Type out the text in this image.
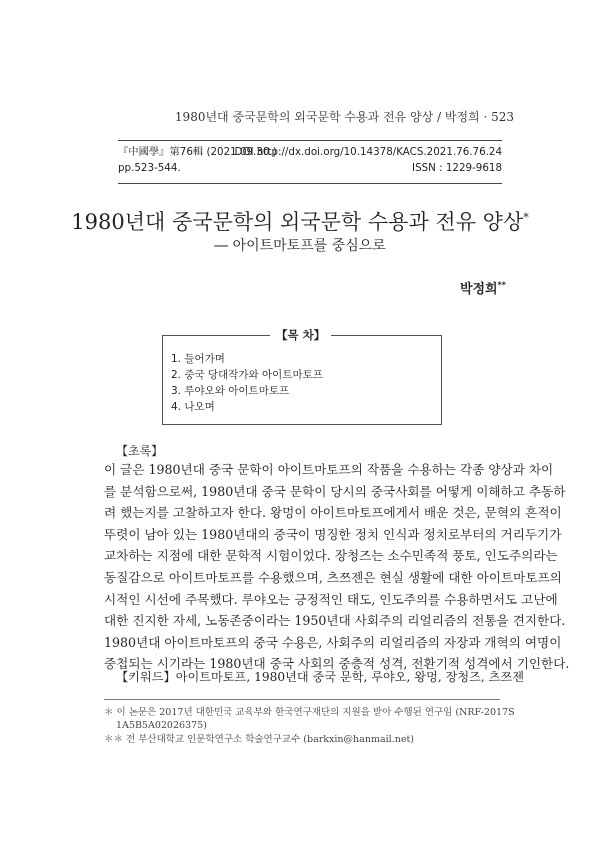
1980년대 중국문학의 외국문학 수용과 전유 양상 / 박정희 · 523
『中國學』第76輯 (2021.09.30.)
DOI http://dx.doi.org/10.14378/KACS.2021.76.76.24
pp.523-544.	ISSN : 1229-9618
1980년대 중국문학의 외국문학 수용과 전유 양상*
― 아이트마토프를 중심으로
박정희**
1. 들어가며
2. 중국 당대작가와 아이트마토프
3. 루야오와 아이트마토프
4. 나오며
【목 차】
【초록】
이 글은 1980년대 중국 문학이 아이트마토프의 작품을 수용하는 각종 양상과 차이
를 분석함으로써, 1980년대 중국 문학이 당시의 중국사회를 어떻게 이해하고 추동하
려 했는지를 고찰하고자 한다. 왕멍이 아이트마토프에게서 배운 것은, 문혁의 흔적이
뚜렷이 남아 있는 1980년대의 중국이 명징한 정치 인식과 정치로부터의 거리두기가
교차하는 지점에 대한 문학적 시험이었다. 장청즈는 소수민족적 풍토, 인도주의라는
동질감으로 아이트마토프를 수용했으며, 츠쯔젠은 현실 생활에 대한 아이트마토프의
시적인 시선에 주목했다. 루야오는 긍정적인 태도, 인도주의를 수용하면서도 고난에
대한 진지한 자세, 노동존중이라는 1950년대 사회주의 리얼리즘의 전통을 견지한다.
1980년대 아이트마토프의 중국 수용은, 사회주의 리얼리즘의 자장과 개혁의 여명이
중첩되는 시기라는 1980년대 중국 사회의 중층적 성격, 전환기적 성격에서 기인한다.
【키워드】아이트마토프, 1980년대 중국 문학, 루야오, 왕멍, 장청즈, 츠쯔젠
＊ 이 논문은 2017년 대한민국 교육부와 한국연구재단의 지원을 받아 수행된 연구임 (NRF-2017S
1A5B5A02026375)
＊＊ 전 부산대학교 인문학연구소 학술연구교수 (barkxin@hanmail.net)
